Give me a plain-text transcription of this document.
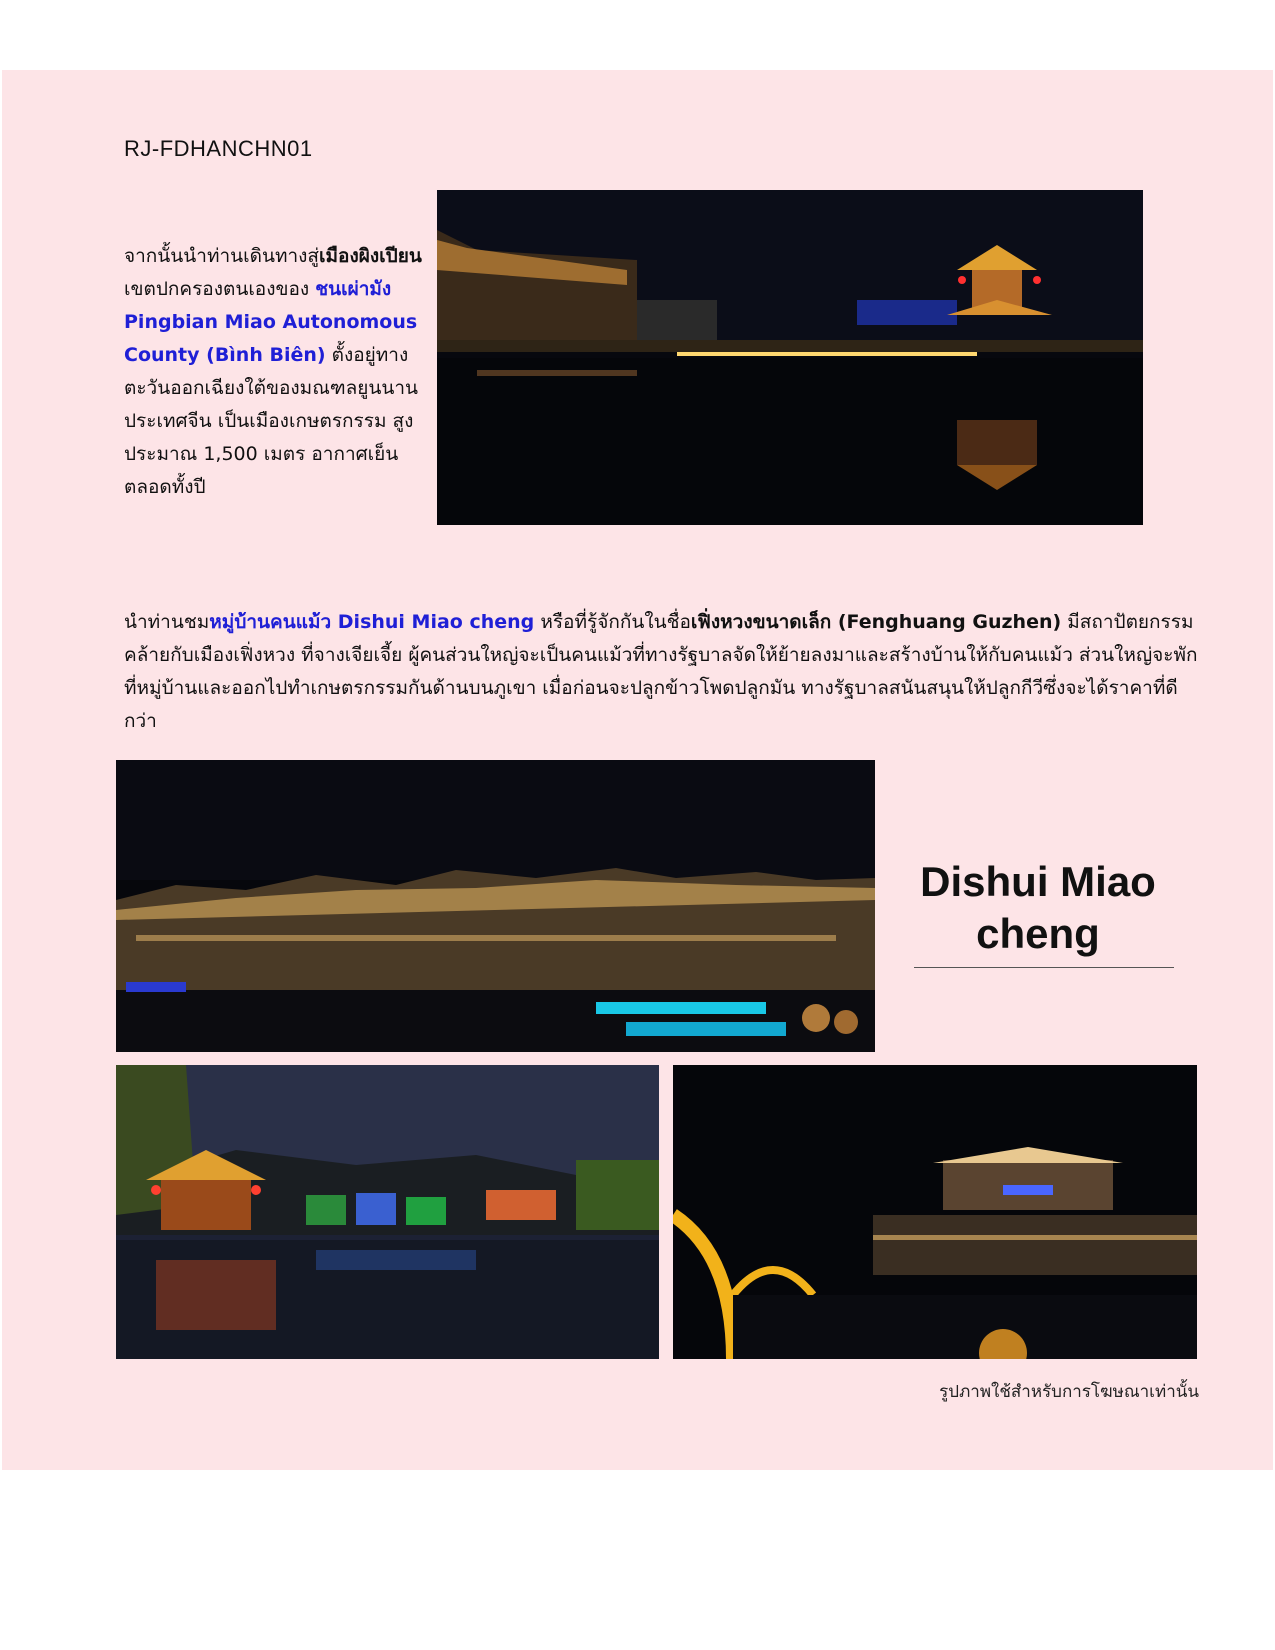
RJ-FDHANCHN01
จากนั้นนำท่านเดินทางสู่เมืองผิงเปียน เขตปกครองตนเองของ ชนเผ่ามัง Pingbian Miao Autonomous County (Bình Biên) ตั้งอยู่ทางตะวันออกเฉียงใต้ของมณฑลยูนนาน ประเทศจีน เป็นเมืองเกษตรกรรม สูงประมาณ 1,500 เมตร อากาศเย็นตลอดทั้งปี
นำท่านชมหมู่บ้านคนแม้ว Dishui Miao cheng หรือที่รู้จักกันในชื่อเฟิ่งหวงขนาดเล็ก (Fenghuang Guzhen) มีสถาปัตยกรรมคล้ายกับเมืองเฟิ่งหวง ที่จางเจียเจี้ย ผู้คนส่วนใหญ่จะเป็นคนแม้วที่ทางรัฐบาลจัดให้ย้ายลงมาและสร้างบ้านให้กับคนแม้ว ส่วนใหญ่จะพักที่หมู่บ้านและออกไปทำเกษตรกรรมกันด้านบนภูเขา เมื่อก่อนจะปลูกข้าวโพดปลูกมัน ทางรัฐบาลสนันสนุนให้ปลูกกีวีซึ่งจะได้ราคาที่ดีกว่า
Dishui Miao cheng
รูปภาพใช้สำหรับการโฆษณาเท่านั้น
